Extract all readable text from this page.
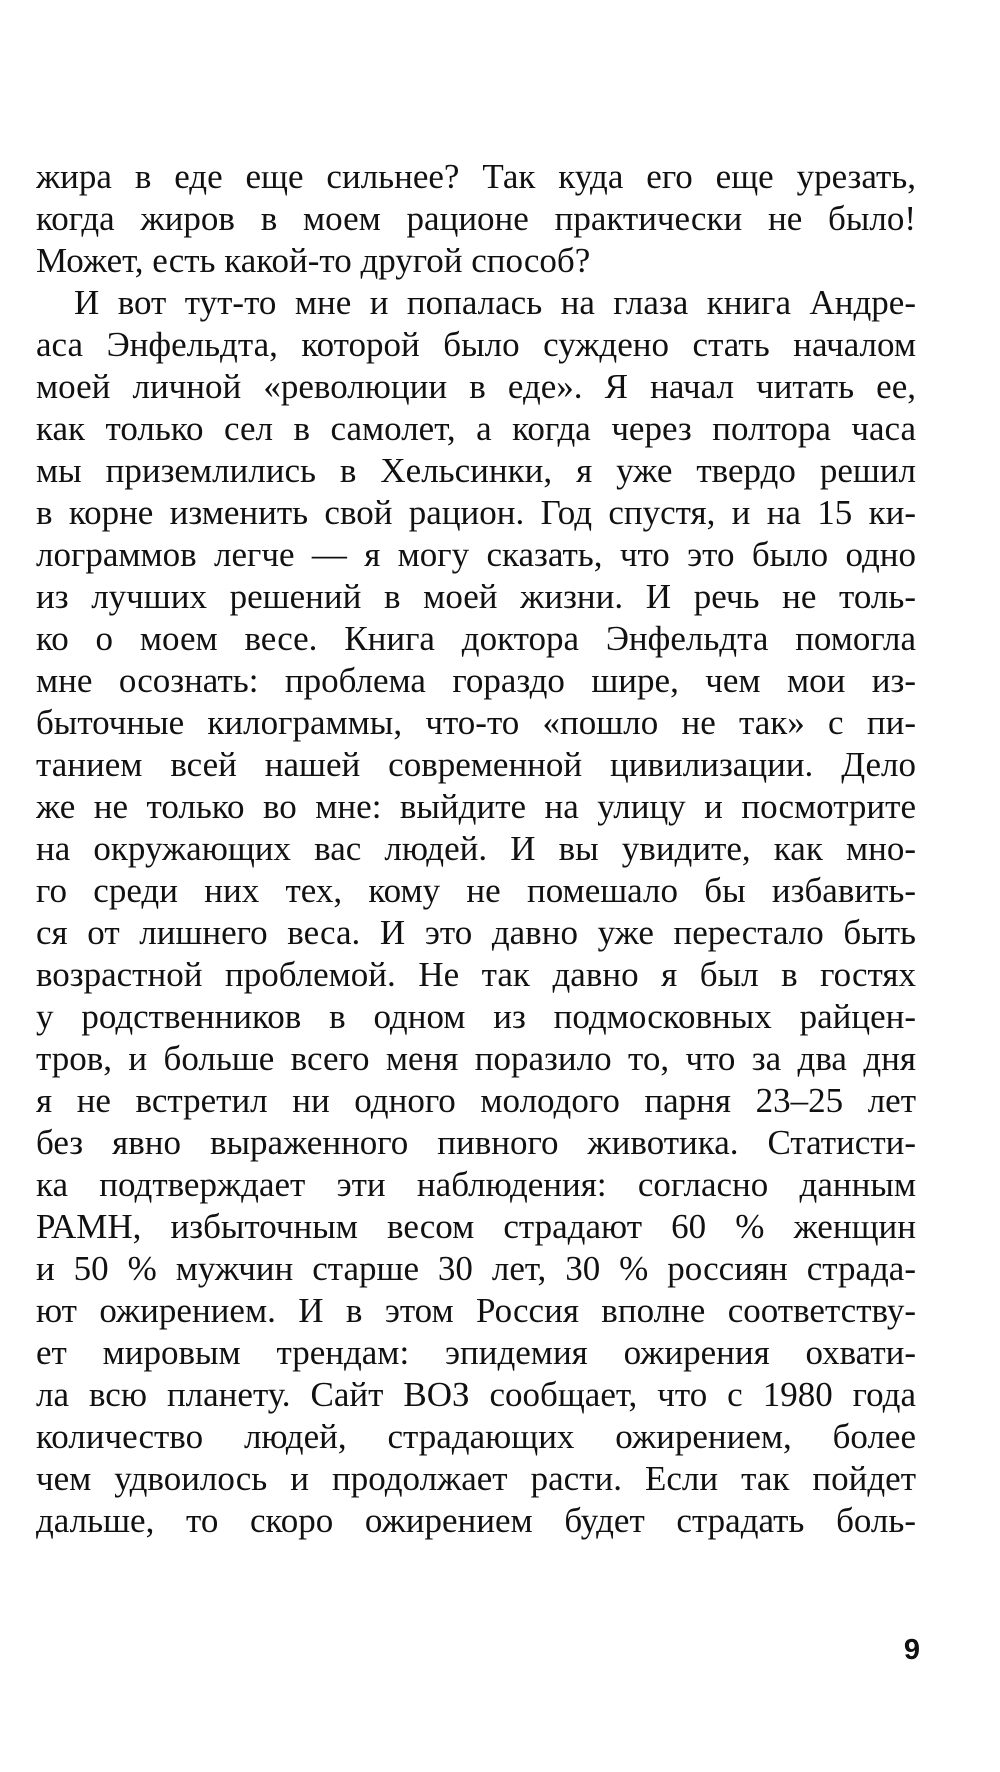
жира в еде еще сильнее? Так куда его еще урезать,
когда жиров в моем рационе практически не было!
Может, есть какой-то другой способ?
И вот тут-то мне и попалась на глаза книга Андре-
аса Энфельдта, которой было суждено стать началом
моей личной «революции в еде». Я начал читать ее,
как только сел в самолет, а когда через полтора часа
мы приземлились в Хельсинки, я уже твердо решил
в корне изменить свой рацион. Год спустя, и на 15 ки-
лограммов легче — я могу сказать, что это было одно
из лучших решений в моей жизни. И речь не толь-
ко о моем весе. Книга доктора Энфельдта помогла
мне осознать: проблема гораздо шире, чем мои из-
быточные килограммы, что-то «пошло не так» с пи-
танием всей нашей современной цивилизации. Дело
же не только во мне: выйдите на улицу и посмотрите
на окружающих вас людей. И вы увидите, как мно-
го среди них тех, кому не помешало бы избавить-
ся от лишнего веса. И это давно уже перестало быть
возрастной проблемой. Не так давно я был в гостях
у родственников в одном из подмосковных райцен-
тров, и больше всего меня поразило то, что за два дня
я не встретил ни одного молодого парня 23–25 лет
без явно выраженного пивного животика. Статисти-
ка подтверждает эти наблюдения: согласно данным
РАМН, избыточным весом страдают 60 % женщин
и 50 % мужчин старше 30 лет, 30 % россиян страда-
ют ожирением. И в этом Россия вполне соответству-
ет мировым трендам: эпидемия ожирения охвати-
ла всю планету. Сайт ВОЗ сообщает, что с 1980 года
количество людей, страдающих ожирением, более
чем удвоилось и продолжает расти. Если так пойдет
дальше, то скоро ожирением будет страдать боль-
9
